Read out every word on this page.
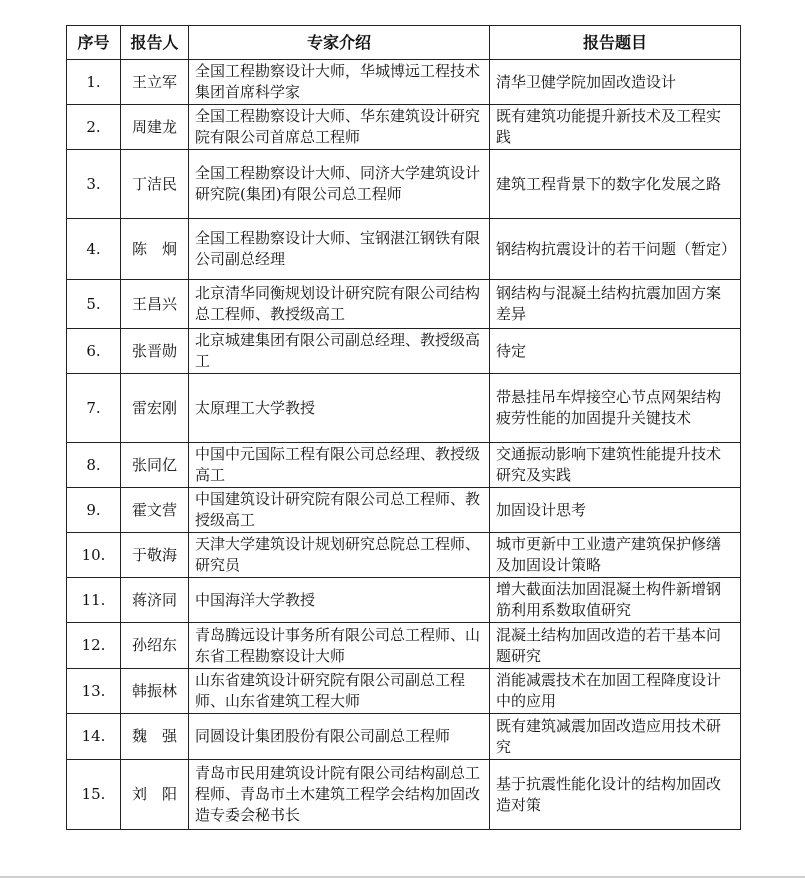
序号	报告人	专家介绍	报告题目
1.	王立军	全国工程勘察设计大师，华城博远工程技术集团首席科学家	清华卫健学院加固改造设计
2.	周建龙	全国工程勘察设计大师、华东建筑设计研究院有限公司首席总工程师	既有建筑功能提升新技术及工程实践
3.	丁洁民	全国工程勘察设计大师、同济大学建筑设计研究院(集团)有限公司总工程师	建筑工程背景下的数字化发展之路
4.	陈　炯	全国工程勘察设计大师、宝钢湛江钢铁有限公司副总经理	钢结构抗震设计的若干问题（暂定）
5.	王昌兴	北京清华同衡规划设计研究院有限公司结构总工程师、教授级高工	钢结构与混凝土结构抗震加固方案差异
6.	张晋勋	北京城建集团有限公司副总经理、教授级高工	待定
7.	雷宏刚	太原理工大学教授	带悬挂吊车焊接空心节点网架结构疲劳性能的加固提升关键技术
8.	张同亿	中国中元国际工程有限公司总经理、教授级高工	交通振动影响下建筑性能提升技术研究及实践
9.	霍文营	中国建筑设计研究院有限公司总工程师、教授级高工	加固设计思考
10.	于敬海	天津大学建筑设计规划研究总院总工程师、研究员	城市更新中工业遗产建筑保护修缮及加固设计策略
11.	蒋济同	中国海洋大学教授	增大截面法加固混凝土构件新增钢筋利用系数取值研究
12.	孙绍东	青岛腾远设计事务所有限公司总工程师、山东省工程勘察设计大师	混凝土结构加固改造的若干基本问题研究
13.	韩振林	山东省建筑设计研究院有限公司副总工程师、山东省建筑工程大师	消能减震技术在加固工程降度设计中的应用
14.	魏　强	同圆设计集团股份有限公司副总工程师	既有建筑减震加固改造应用技术研究
15.	刘　阳	青岛市民用建筑设计院有限公司结构副总工程师、青岛市土木建筑工程学会结构加固改造专委会秘书长	基于抗震性能化设计的结构加固改造对策
